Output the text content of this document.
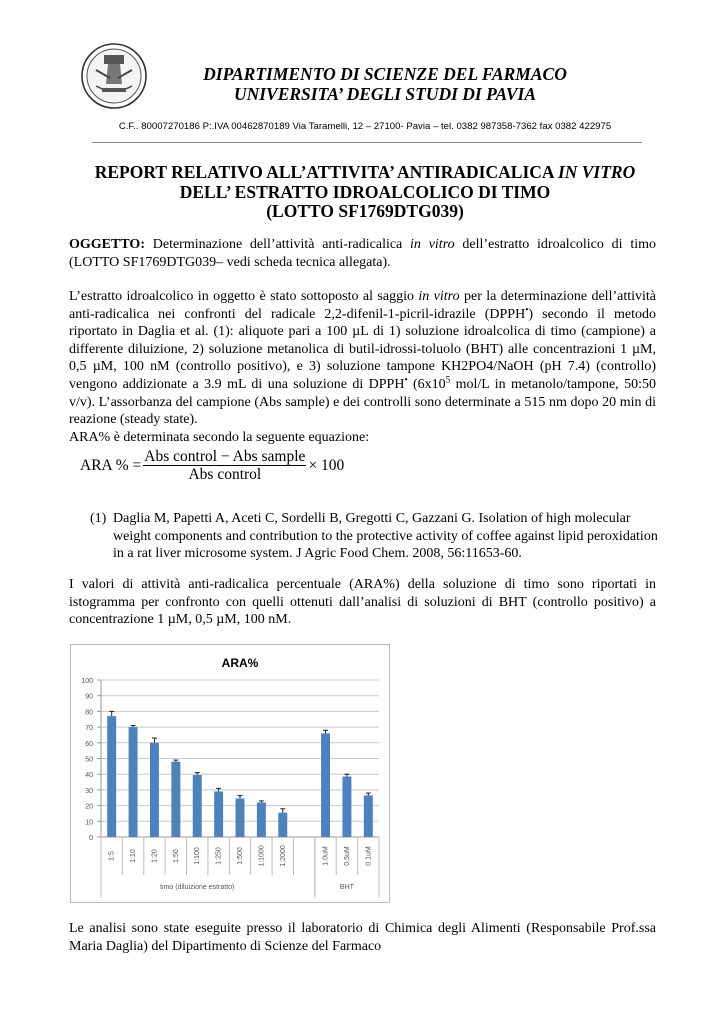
DIPARTIMENTO DI SCIENZE DEL FARMACO
UNIVERSITA’ DEGLI STUDI DI PAVIA
C.F.. 80007270186 P:.IVA 00462870189 Via Taramelli, 12 – 27100- Pavia – tel. 0382 987358-7362 fax 0382 422975
REPORT RELATIVO ALL’ATTIVITA’ ANTIRADICALICA IN VITRO
DELL’ ESTRATTO IDROALCOLICO DI TIMO
(LOTTO SF1769DTG039)

OGGETTO: Determinazione dell’attività anti-radicalica in vitro dell’estratto idroalcolico di timo (LOTTO SF1769DTG039– vedi scheda tecnica allegata).

L’estratto idroalcolico in oggetto è stato sottoposto al saggio in vitro per la determinazione dell’attività anti-radicalica nei confronti del radicale 2,2-difenil-1-picril-idrazile (DPPH•) secondo il metodo riportato in Daglia et al. (1): aliquote pari a 100 µL di 1) soluzione idroalcolica di timo (campione) a differente diluizione, 2) soluzione metanolica di butil-idrossi-toluolo (BHT) alle concentrazioni 1 µM, 0,5 µM, 100 nM (controllo positivo), e 3) soluzione tampone KH2PO4/NaOH (pH 7.4) (controllo) vengono addizionate a 3.9 mL di una soluzione di DPPH• ($6x10^5$ mol/L in metanolo/tampone, 50:50 v/v). L’assorbanza del campione (Abs sample) e dei controlli sono determinate a 515 nm dopo 20 min di reazione (steady state).

ARA% è determinata secondo la seguente equazione:

ARA % = $\frac{\text{Abs control − Abs sample}}{\text{Abs control}} \times 100$
(1) Daglia M, Papetti A, Aceti C, Sordelli B, Gregotti C, Gazzani G. Isolation of high molecular weight components and contribution to the protective activity of coffee against lipid peroxidation in a rat liver microsome system. J Agric Food Chem. 2008, 56:11653-60.
I valori di attività anti-radicalica percentuale (ARA%) della soluzione di timo sono riportati in istogramma per confronto con quelli ottenuti dall’analisi di soluzioni di BHT (controllo positivo) a concentrazione 1 µM, 0,5 µM, 100 nM.
ARA%
0
10
20
30
40
50
60
70
80
90
100
1:5 1:10 1:20 1:50 1:100 1:250 1:500 1:1000 1:2000	1.0uM 0.5uM 0.1uM
timo (diluizione estratto)	BHT
Le analisi sono state eseguite presso il laboratorio di Chimica degli Alimenti (Responsabile Prof.ssa Maria Daglia) del Dipartimento di Scienze del Farmaco
